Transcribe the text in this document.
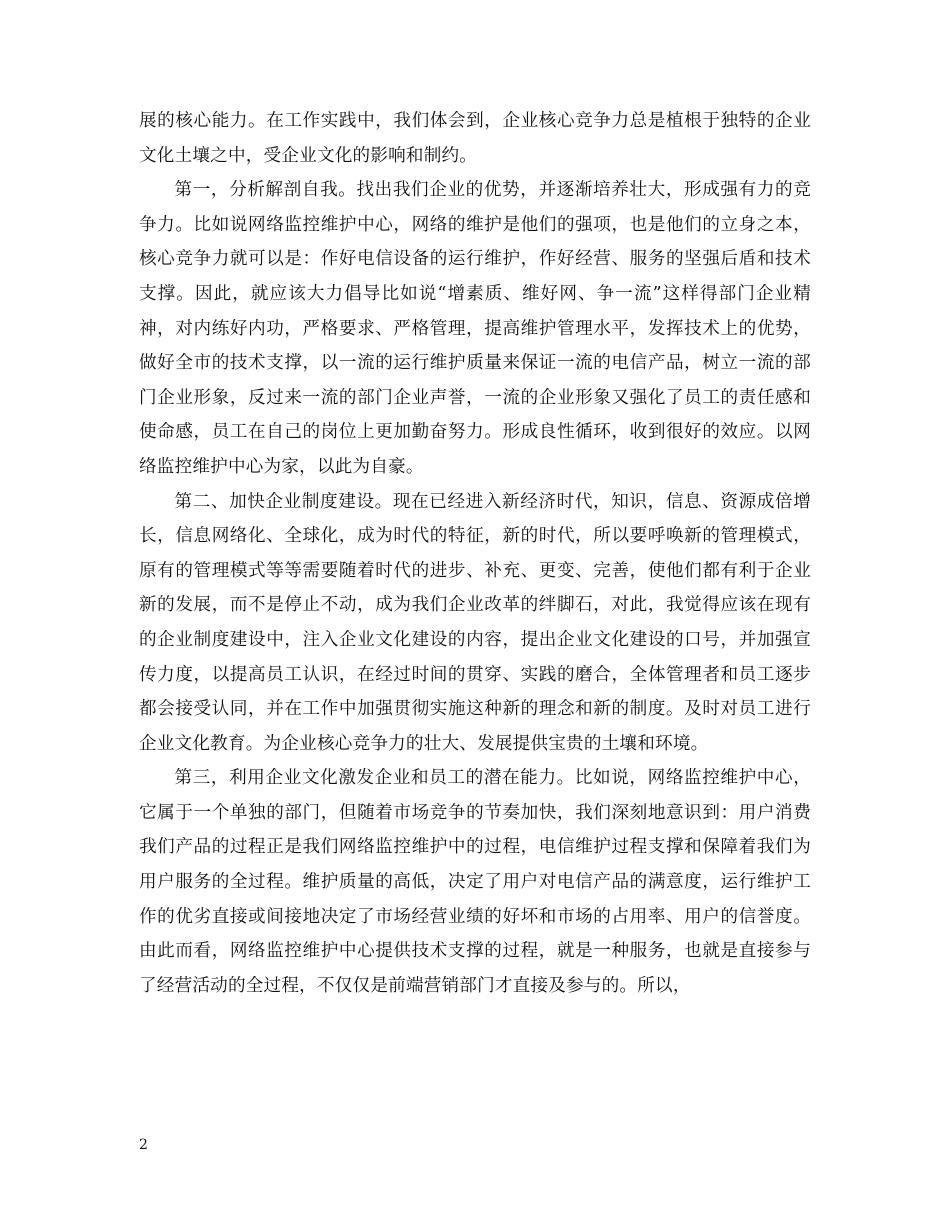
展的核心能力。在工作实践中，我们体会到，企业核心竞争力总是植根于独特的企业文化土壤之中，受企业文化的影响和制约。

第一，分析解剖自我。找出我们企业的优势，并逐渐培养壮大，形成强有力的竞争力。比如说网络监控维护中心，网络的维护是他们的强项，也是他们的立身之本，核心竞争力就可以是：作好电信设备的运行维护，作好经营、服务的坚强后盾和技术支撑。因此，就应该大力倡导比如说“增素质、维好网、争一流”这样得部门企业精神，对内练好内功，严格要求、严格管理，提高维护管理水平，发挥技术上的优势，做好全市的技术支撑，以一流的运行维护质量来保证一流的电信产品，树立一流的部门企业形象，反过来一流的部门企业声誉，一流的企业形象又强化了员工的责任感和使命感，员工在自己的岗位上更加勤奋努力。形成良性循环，收到很好的效应。以网络监控维护中心为家，以此为自豪。

第二、加快企业制度建设。现在已经进入新经济时代，知识，信息、资源成倍增长，信息网络化、全球化，成为时代的特征，新的时代，所以要呼唤新的管理模式，原有的管理模式等等需要随着时代的进步、补充、更变、完善，使他们都有利于企业新的发展，而不是停止不动，成为我们企业改革的绊脚石，对此，我觉得应该在现有的企业制度建设中，注入企业文化建设的内容，提出企业文化建设的口号，并加强宣传力度，以提高员工认识，在经过时间的贯穿、实践的磨合，全体管理者和员工逐步都会接受认同，并在工作中加强贯彻实施这种新的理念和新的制度。及时对员工进行企业文化教育。为企业核心竞争力的壮大、发展提供宝贵的土壤和环境。

第三，利用企业文化激发企业和员工的潜在能力。比如说，网络监控维护中心，它属于一个单独的部门，但随着市场竞争的节奏加快，我们深刻地意识到：用户消费我们产品的过程正是我们网络监控维护中的过程，电信维护过程支撑和保障着我们为用户服务的全过程。维护质量的高低，决定了用户对电信产品的满意度，运行维护工作的优劣直接或间接地决定了市场经营业绩的好坏和市场的占用率、用户的信誉度。由此而看，网络监控维护中心提供技术支撑的过程，就是一种服务，也就是直接参与了经营活动的全过程，不仅仅是前端营销部门才直接及参与的。所以，

2
